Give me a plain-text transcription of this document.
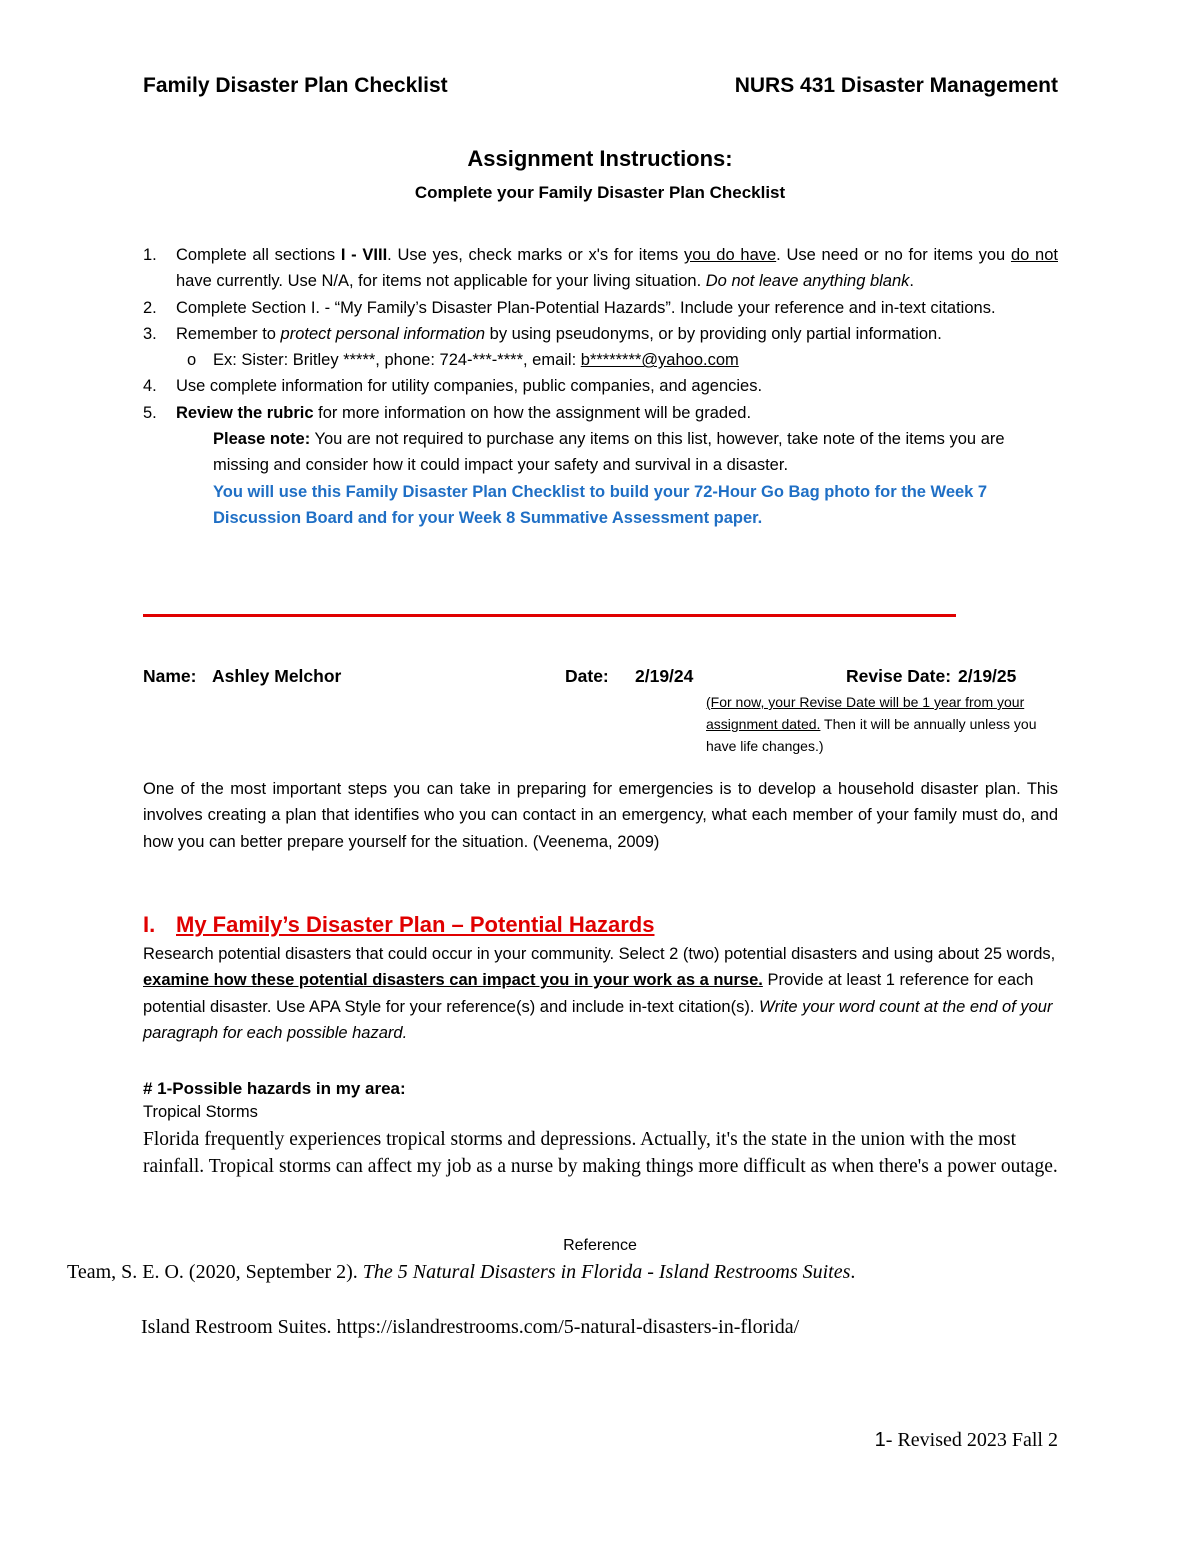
Family Disaster Plan Checklist	NURS 431 Disaster Management
Assignment Instructions:
Complete your Family Disaster Plan Checklist
1. Complete all sections I - VIII. Use yes, check marks or x's for items you do have. Use need or no for items you do not have currently. Use N/A, for items not applicable for your living situation. Do not leave anything blank.
2. Complete Section I. - “My Family’s Disaster Plan-Potential Hazards”. Include your reference and in-text citations.
3. Remember to protect personal information by using pseudonyms, or by providing only partial information.
o Ex: Sister: Britley *****, phone: 724-***-****, email: b********@yahoo.com
4. Use complete information for utility companies, public companies, and agencies.
5. Review the rubric for more information on how the assignment will be graded.
Please note: You are not required to purchase any items on this list, however, take note of the items you are missing and consider how it could impact your safety and survival in a disaster.
You will use this Family Disaster Plan Checklist to build your 72-Hour Go Bag photo for the Week 7 Discussion Board and for your Week 8 Summative Assessment paper.
Name: Ashley Melchor	Date: 2/19/24	Revise Date: 2/19/25
(For now, your Revise Date will be 1 year from your assignment dated. Then it will be annually unless you have life changes.)
One of the most important steps you can take in preparing for emergencies is to develop a household disaster plan. This involves creating a plan that identifies who you can contact in an emergency, what each member of your family must do, and how you can better prepare yourself for the situation. (Veenema, 2009)
I. My Family’s Disaster Plan – Potential Hazards
Research potential disasters that could occur in your community. Select 2 (two) potential disasters and using about 25 words, examine how these potential disasters can impact you in your work as a nurse. Provide at least 1 reference for each potential disaster. Use APA Style for your reference(s) and include in-text citation(s). Write your word count at the end of your paragraph for each possible hazard.
# 1-Possible hazards in my area:
Tropical Storms
Florida frequently experiences tropical storms and depressions. Actually, it's the state in the union with the most rainfall. Tropical storms can affect my job as a nurse by making things more difficult as when there's a power outage.
Reference
Team, S. E. O. (2020, September 2). The 5 Natural Disasters in Florida - Island Restrooms Suites.
Island Restroom Suites. https://islandrestrooms.com/5-natural-disasters-in-florida/
1- Revised 2023 Fall 2
